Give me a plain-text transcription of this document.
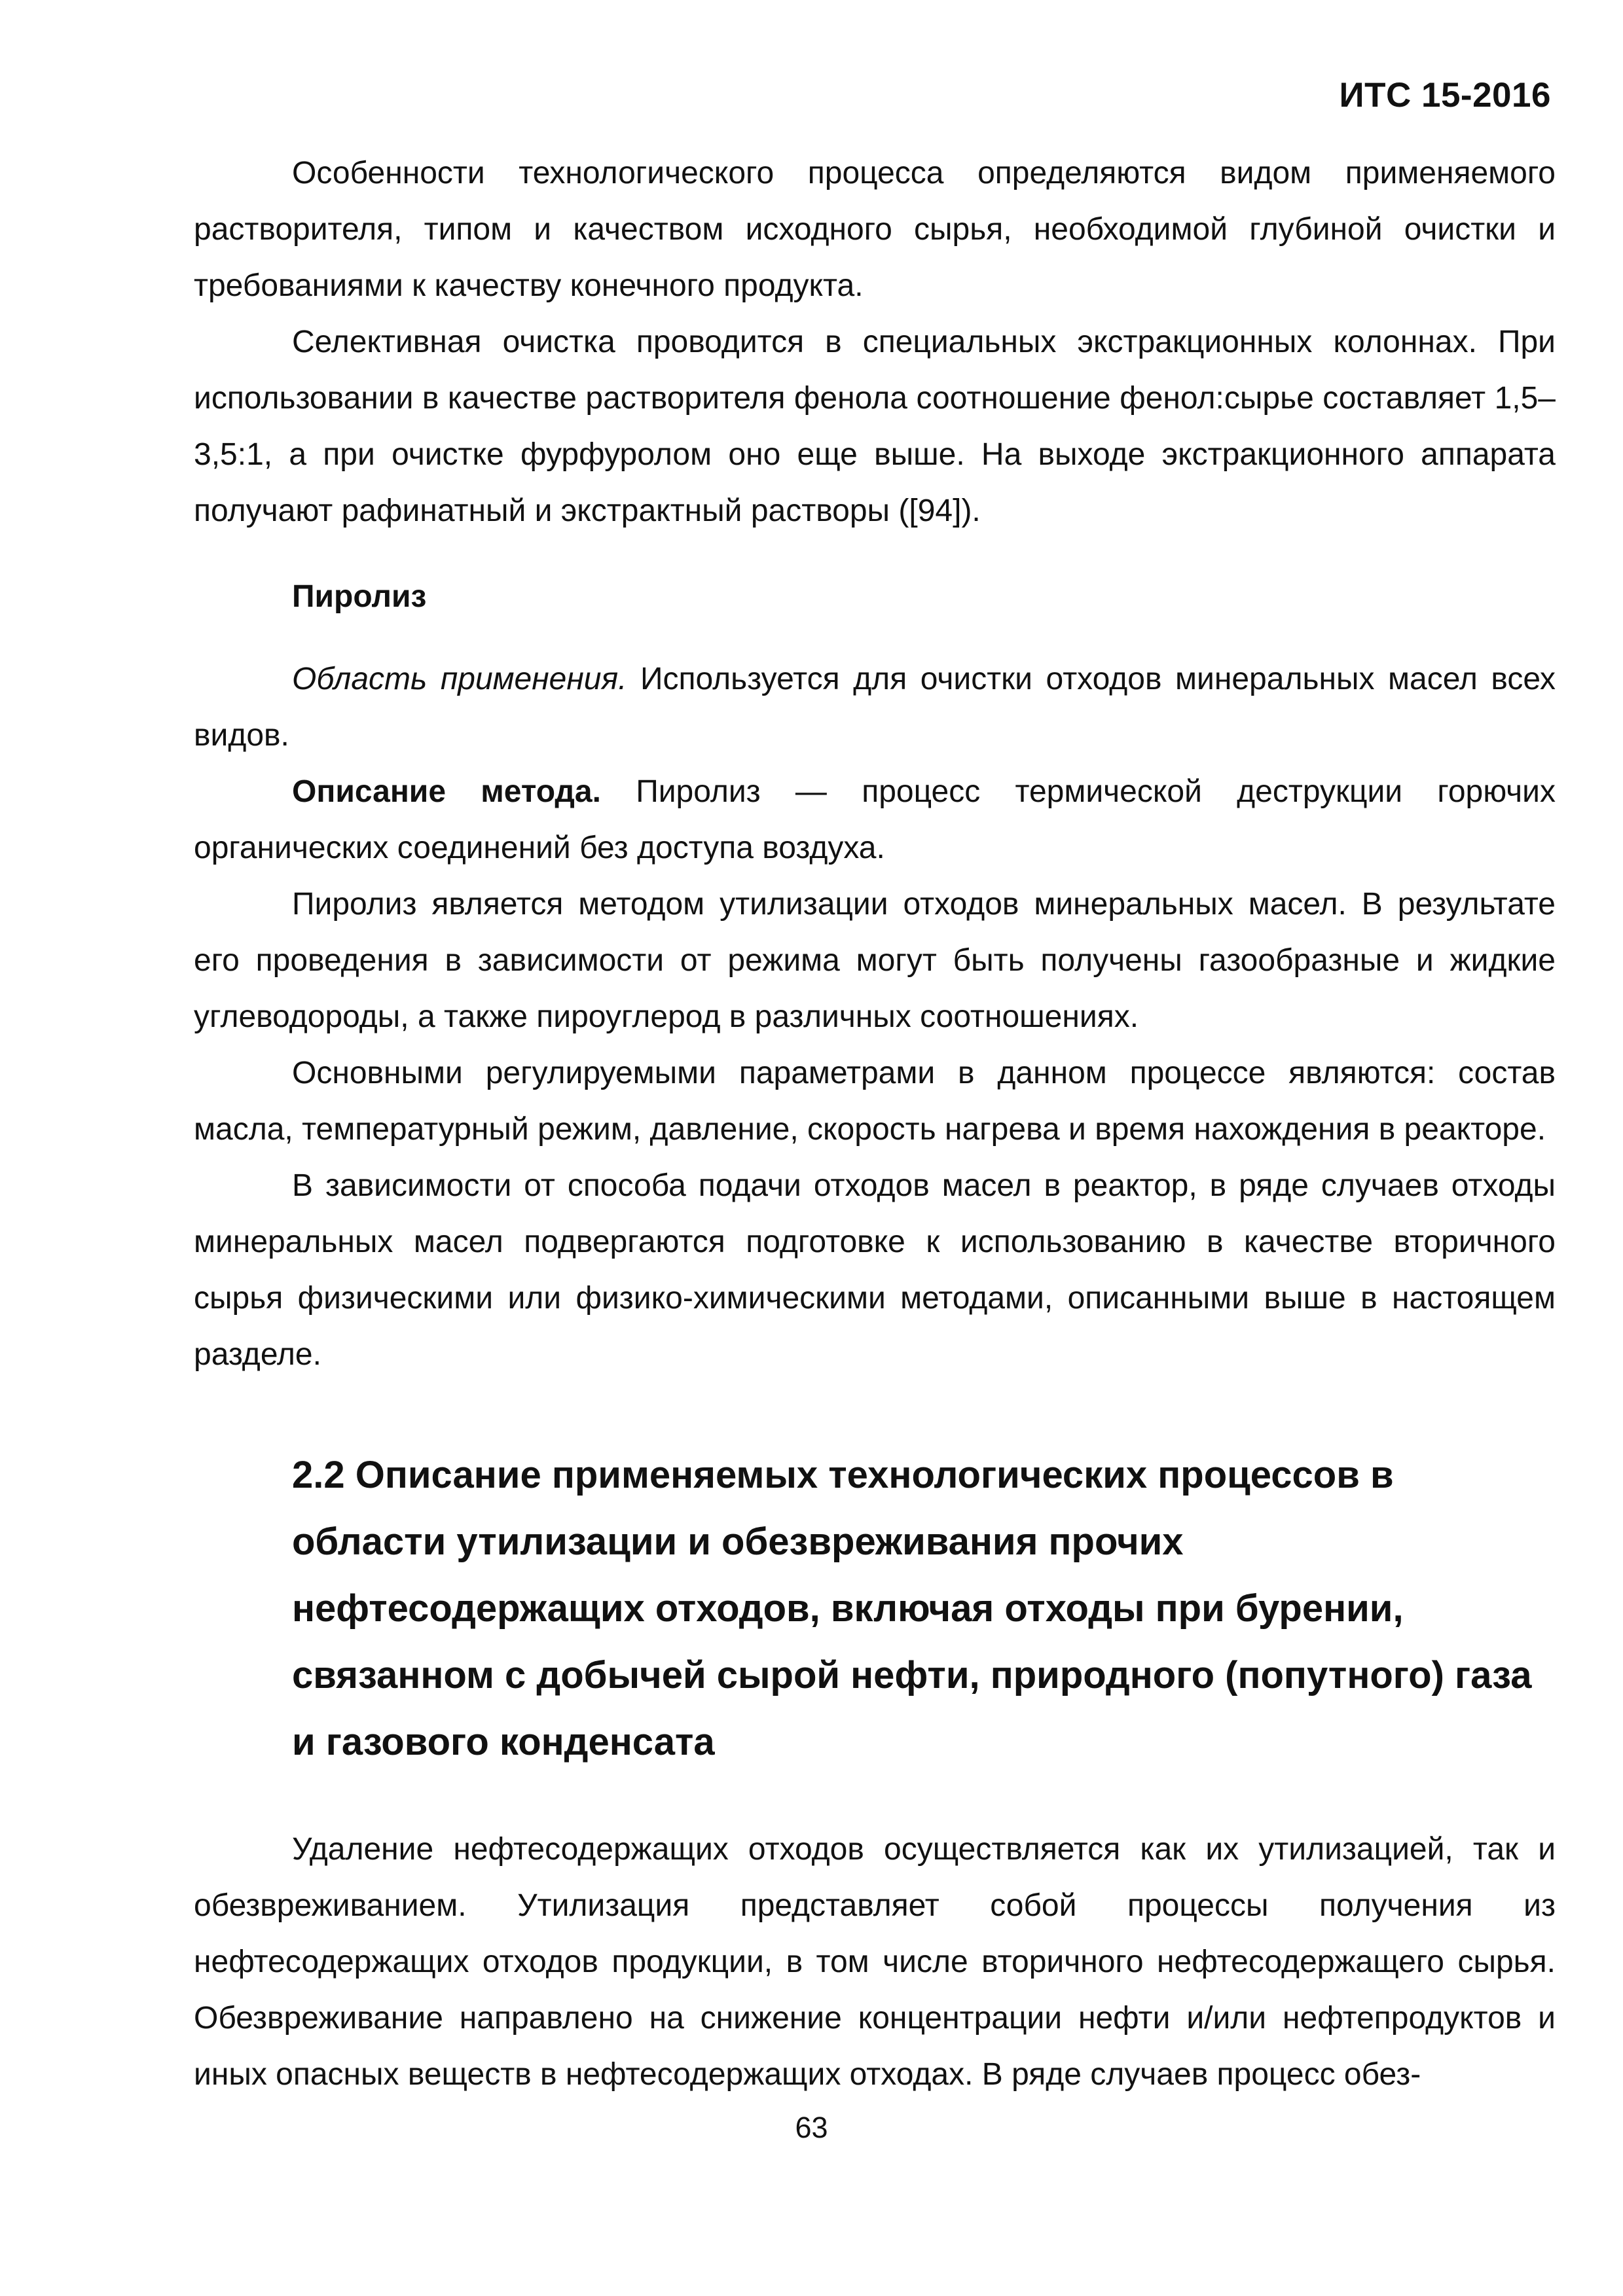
ИТС 15-2016

Особенности технологического процесса определяются видом применяемого растворителя, типом и качеством исходного сырья, необходимой глубиной очистки и требованиями к качеству конечного продукта.

Селективная очистка проводится в специальных экстракционных колоннах. При использовании в качестве растворителя фенола соотношение фенол:сырье составляет 1,5–3,5:1, а при очистке фурфуролом оно еще выше. На выходе экстракционного аппарата получают рафинатный и экстрактный растворы ([94]).

Пиролиз

Область применения. Используется для очистки отходов минеральных масел всех видов.

Описание метода. Пиролиз — процесс термической деструкции горючих органических соединений без доступа воздуха.

Пиролиз является методом утилизации отходов минеральных масел. В результате его проведения в зависимости от режима могут быть получены газообразные и жидкие углеводороды, а также пироуглерод в различных соотношениях.

Основными регулируемыми параметрами в данном процессе являются: состав масла, температурный режим, давление, скорость нагрева и время нахождения в реакторе.

В зависимости от способа подачи отходов масел в реактор, в ряде случаев отходы минеральных масел подвергаются подготовке к использованию в качестве вторичного сырья физическими или физико-химическими методами, описанными выше в настоящем разделе.

2.2 Описание применяемых технологических процессов в области утилизации и обезвреживания прочих нефтесодержащих отходов, включая отходы при бурении, связанном с добычей сырой нефти, природного (попутного) газа и газового конденсата

Удаление нефтесодержащих отходов осуществляется как их утилизацией, так и обезвреживанием. Утилизация представляет собой процессы получения из нефтесодержащих отходов продукции, в том числе вторичного нефтесодержащего сырья. Обезвреживание направлено на снижение концентрации нефти и/или нефтепродуктов и иных опасных веществ в нефтесодержащих отходах. В ряде случаев процесс обез-

63
